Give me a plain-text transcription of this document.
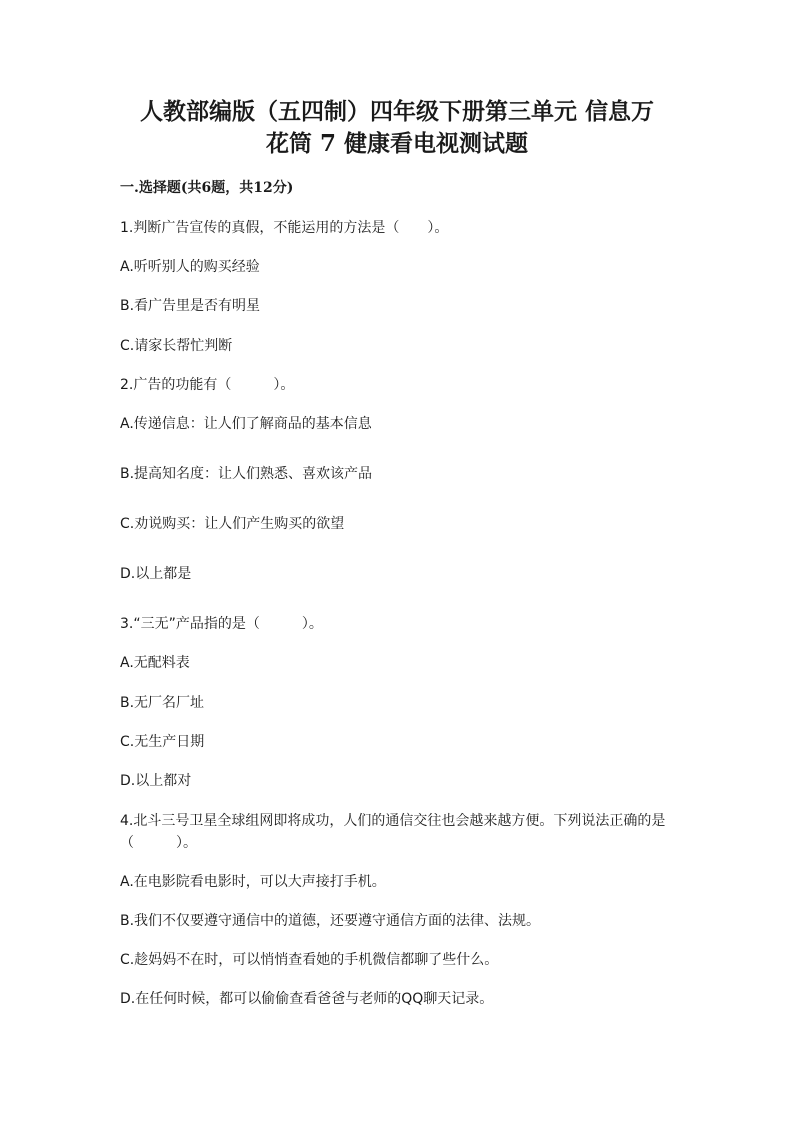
人教部编版（五四制）四年级下册第三单元 信息万
花筒 7 健康看电视测试题
一.选择题(共6题，共12分)
1.判断广告宣传的真假，不能运用的方法是（　　）。
A.听听别人的购买经验
B.看广告里是否有明星
C.请家长帮忙判断
2.广告的功能有（　　　）。
A.传递信息：让人们了解商品的基本信息
B.提高知名度：让人们熟悉、喜欢该产品
C.劝说购买：让人们产生购买的欲望
D.以上都是
3.“三无”产品指的是（　　　）。
A.无配料表
B.无厂名厂址
C.无生产日期
D.以上都对
4.北斗三号卫星全球组网即将成功，人们的通信交往也会越来越方便。下列说法正确的是（　　　）。
A.在电影院看电影时，可以大声接打手机。
B.我们不仅要遵守通信中的道德，还要遵守通信方面的法律、法规。
C.趁妈妈不在时，可以悄悄查看她的手机微信都聊了些什么。
D.在任何时候，都可以偷偷查看爸爸与老师的QQ聊天记录。
